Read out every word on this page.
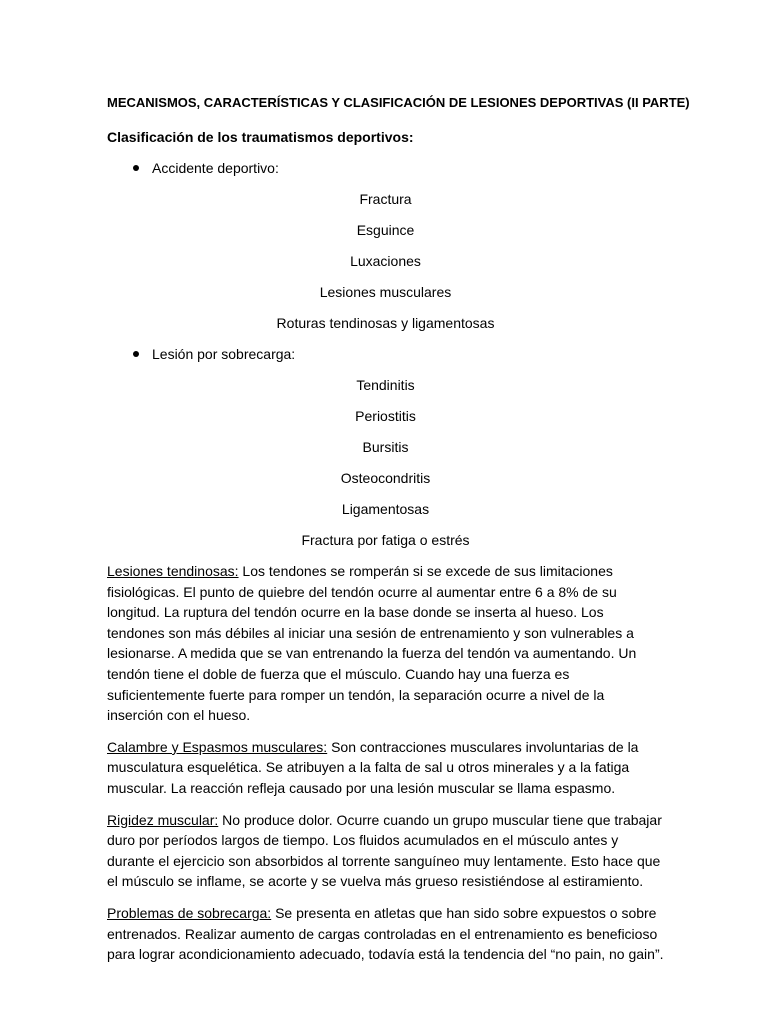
MECANISMOS, CARACTERÍSTICAS Y CLASIFICACIÓN DE LESIONES DEPORTIVAS (II PARTE)
Clasificación de los traumatismos deportivos:
Accidente deportivo:
Fractura
Esguince
Luxaciones
Lesiones musculares
Roturas tendinosas y ligamentosas
Lesión por sobrecarga:
Tendinitis
Periostitis
Bursitis
Osteocondritis
Ligamentosas
Fractura por fatiga o estrés

Lesiones tendinosas: Los tendones se romperán si se excede de sus limitaciones fisiológicas. El punto de quiebre del tendón ocurre al aumentar entre 6 a 8% de su longitud. La ruptura del tendón ocurre en la base donde se inserta al hueso. Los tendones son más débiles al iniciar una sesión de entrenamiento y son vulnerables a lesionarse. A medida que se van entrenando la fuerza del tendón va aumentando. Un tendón tiene el doble de fuerza que el músculo. Cuando hay una fuerza es suficientemente fuerte para romper un tendón, la separación ocurre a nivel de la inserción con el hueso.

Calambre y Espasmos musculares: Son contracciones musculares involuntarias de la musculatura esquelética. Se atribuyen a la falta de sal u otros minerales y a la fatiga muscular. La reacción refleja causado por una lesión muscular se llama espasmo.

Rigidez muscular: No produce dolor. Ocurre cuando un grupo muscular tiene que trabajar duro por períodos largos de tiempo. Los fluidos acumulados en el músculo antes y durante el ejercicio son absorbidos al torrente sanguíneo muy lentamente. Esto hace que el músculo se inflame, se acorte y se vuelva más grueso resistiéndose al estiramiento.

Problemas de sobrecarga: Se presenta en atletas que han sido sobre expuestos o sobre entrenados. Realizar aumento de cargas controladas en el entrenamiento es beneficioso para lograr acondicionamiento adecuado, todavía está la tendencia del “no pain, no gain”.
